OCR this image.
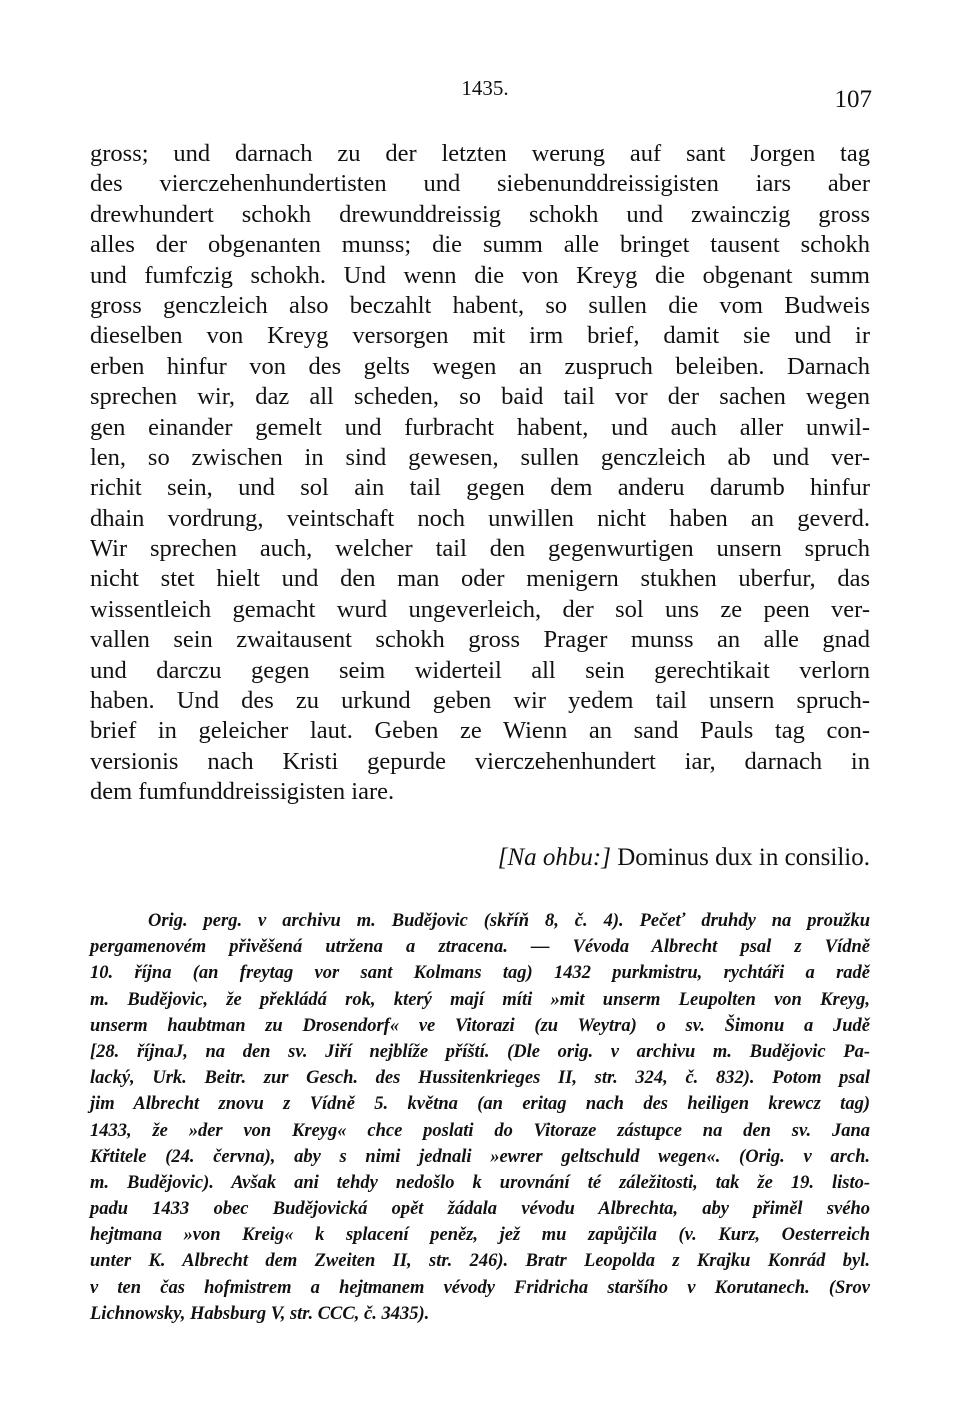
1435.	107
gross; und darnach zu der letzten werung auf sant Jorgen tag
des vierczehenhundertisten und siebenunddreissigisten iars aber
drewhundert schokh drewunddreissig schokh und zwainczig gross
alles der obgenanten munss; die summ alle bringet tausent schokh
und fumfczig schokh. Und wenn die von Kreyg die obgenant summ
gross genczleich also beczahlt habent, so sullen die vom Budweis
dieselben von Kreyg versorgen mit irm brief, damit sie und ir
erben hinfur von des gelts wegen an zuspruch beleiben. Darnach
sprechen wir, daz all scheden, so baid tail vor der sachen wegen
gen einander gemelt und furbracht habent, und auch aller unwil-
len, so zwischen in sind gewesen, sullen genczleich ab und ver-
richit sein, und sol ain tail gegen dem anderu darumb hinfur
dhain vordrung, veintschaft noch unwillen nicht haben an geverd.
Wir sprechen auch, welcher tail den gegenwurtigen unsern spruch
nicht stet hielt und den man oder menigern stukhen uberfur, das
wissentleich gemacht wurd ungeverleich, der sol uns ze peen ver-
vallen sein zwaitausent schokh gross Prager munss an alle gnad
und darczu gegen seim widerteil all sein gerechtikait verlorn
haben. Und des zu urkund geben wir yedem tail unsern spruch-
brief in geleicher laut. Geben ze Wienn an sand Pauls tag con-
versionis nach Kristi gepurde vierczehenhundert iar, darnach in
dem fumfunddreissigisten iare.
[Na ohbu:] Dominus dux in consilio.
Orig. perg. v archivu m. Budějovic (skříň 8, č. 4). Pečeť druhdy na proužku
pergamenovém přivěšená utržena a ztracena. — Vévoda Albrecht psal z Vídně
10. října (an freytag vor sant Kolmans tag) 1432 purkmistru, rychtáři a radě
m. Budějovic, že překládá rok, který mají míti »mit unserm Leupolten von Kreyg,
unserm haubtman zu Drosendorf« ve Vitorazi (zu Weytra) o sv. Šimonu a Judě
[28. říjnaJ, na den sv. Jiří nejblíže příští. (Dle orig. v archivu m. Budějovic Pa-
lacký, Urk. Beitr. zur Gesch. des Hussitenkrieges II, str. 324, č. 832). Potom psal
jim Albrecht znovu z Vídně 5. května (an eritag nach des heiligen krewcz tag)
1433, že »der von Kreyg« chce poslati do Vitoraze zástupce na den sv. Jana
Křtitele (24. června), aby s nimi jednali »ewrer geltschuld wegen«. (Orig. v arch.
m. Budějovic). Avšak ani tehdy nedošlo k urovnání té záležitosti, tak že 19. listo-
padu 1433 obec Budějovická opět žádala vévodu Albrechta, aby přiměl svého
hejtmana »von Kreig« k splacení peněz, jež mu zapůjčila (v. Kurz, Oesterreich
unter K. Albrecht dem Zweiten II, str. 246). Bratr Leopolda z Krajku Konrád byl.
v ten čas hofmistrem a hejtmanem vévody Fridricha staršího v Korutanech. (Srov
Lichnowsky, Habsburg V, str. CCC, č. 3435).
